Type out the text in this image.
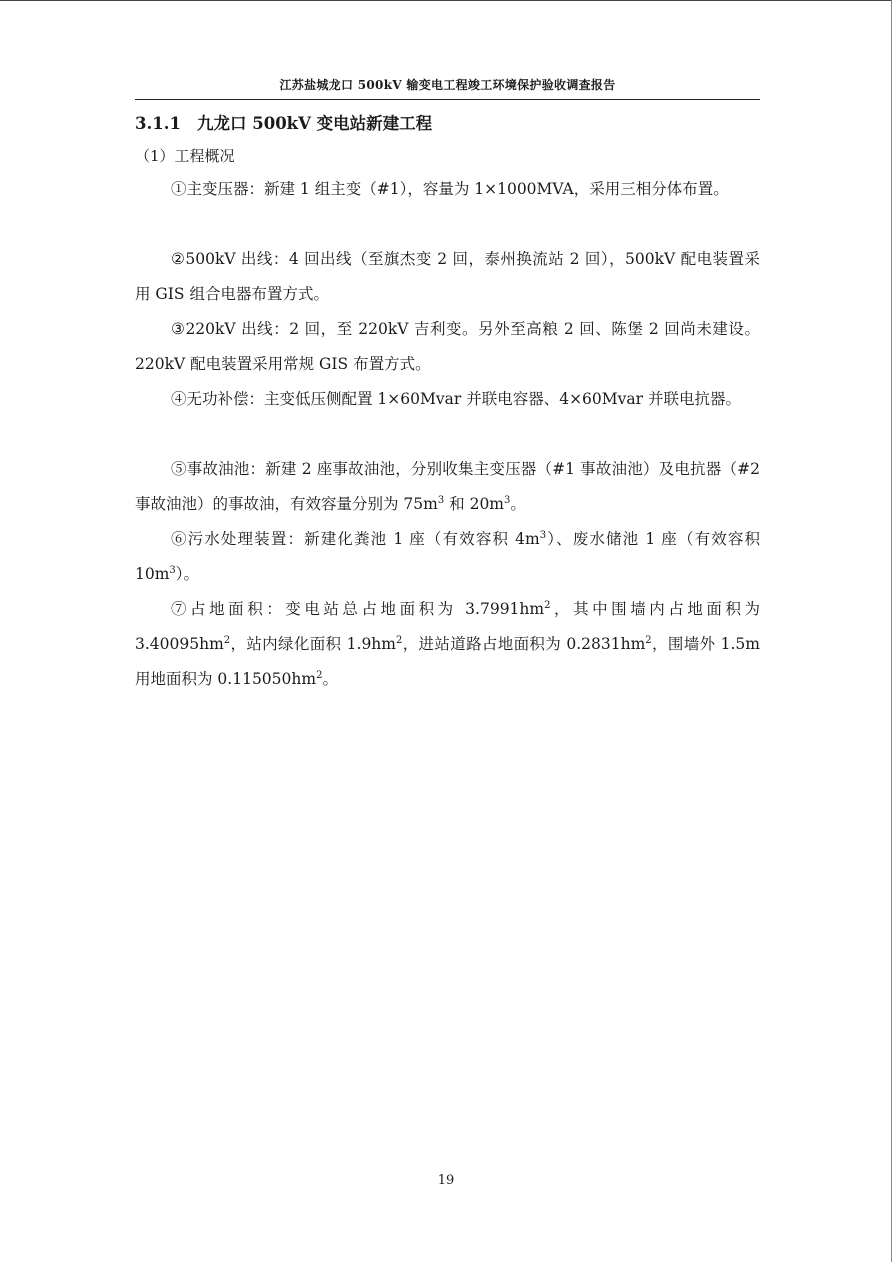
江苏盐城龙口 500kV 输变电工程竣工环境保护验收调查报告
3.1.1 九龙口 500kV 变电站新建工程
（1）工程概况

①主变压器：新建 1 组主变（#1），容量为 1×1000MVA，采用三相分体布置。

②500kV 出线：4 回出线（至旗杰变 2 回，泰州换流站 2 回），500kV 配电装置采用 GIS 组合电器布置方式。

③220kV 出线：2 回，至 220kV 吉利变。另外至高粮 2 回、陈堡 2 回尚未建设。220kV 配电装置采用常规 GIS 布置方式。

④无功补偿：主变低压侧配置 1×60Mvar 并联电容器、4×60Mvar 并联电抗器。

⑤事故油池：新建 2 座事故油池，分别收集主变压器（#1 事故油池）及电抗器（#2 事故油池）的事故油，有效容量分别为 $75m^3$ 和 $20m^3$。

⑥污水处理装置：新建化粪池 1 座（有效容积 $4m^3$）、废水储池 1 座（有效容积 $10m^3$）。

⑦占地面积：变电站总占地面积为 $3.7991hm^2$，其中围墙内占地面积为 $3.40095hm^2$，站内绿化面积 $1.9hm^2$，进站道路占地面积为 $0.2831hm^2$，围墙外 1.5m 用地面积为 $0.115050hm^2$。

19
